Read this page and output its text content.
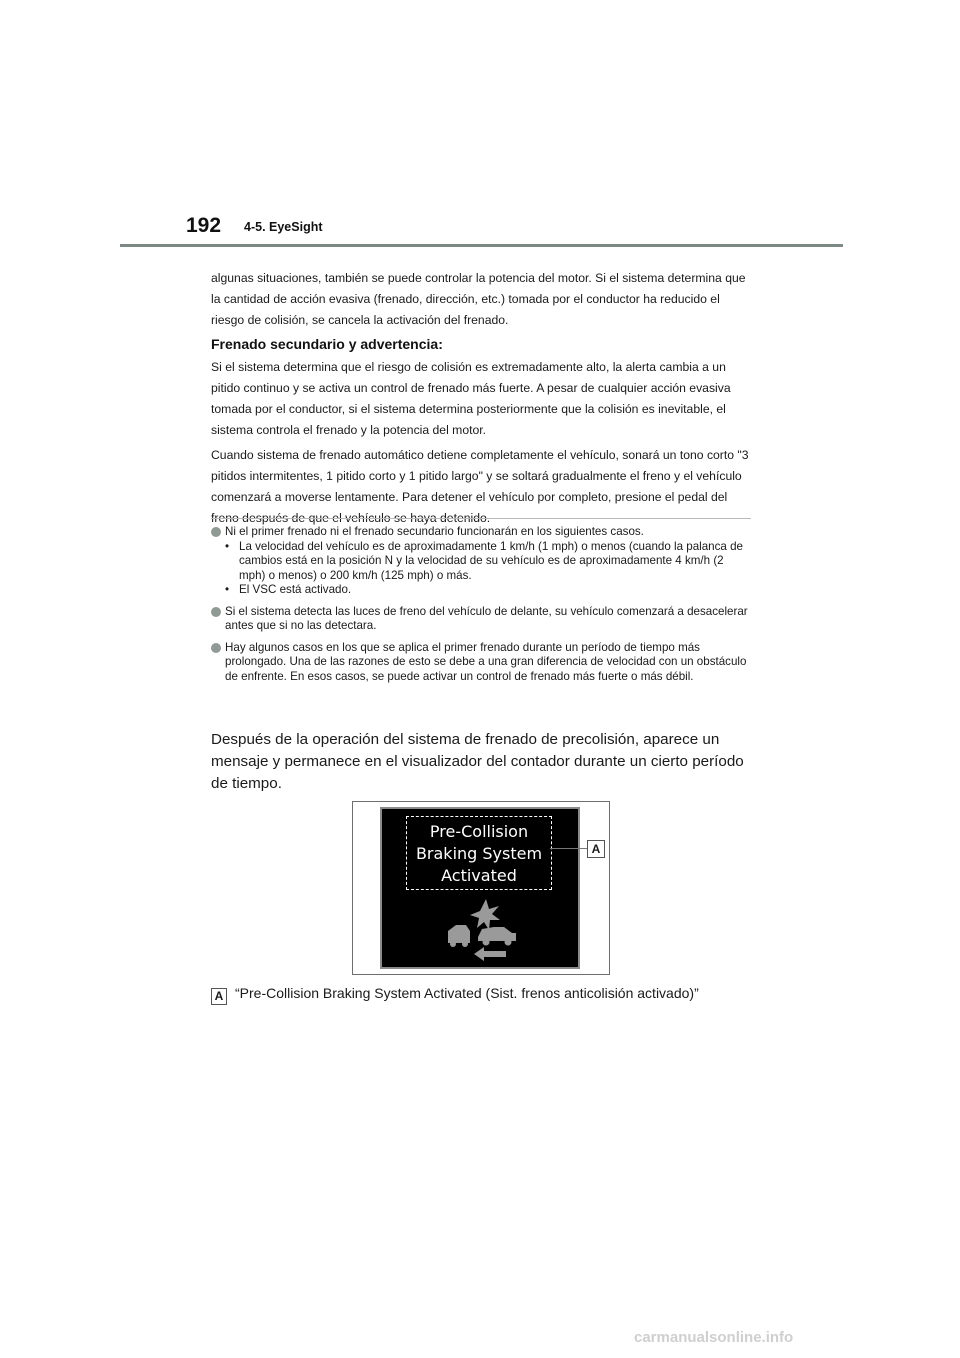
192 4-5. EyeSight

algunas situaciones, también se puede controlar la potencia del motor. Si el sistema determina que la cantidad de acción evasiva (frenado, dirección, etc.) tomada por el conductor ha reducido el riesgo de colisión, se cancela la activación del frenado.

Frenado secundario y advertencia:

Si el sistema determina que el riesgo de colisión es extremadamente alto, la alerta cambia a un pitido continuo y se activa un control de frenado más fuerte. A pesar de cualquier acción evasiva tomada por el conductor, si el sistema determina posteriormente que la colisión es inevitable, el sistema controla el frenado y la potencia del motor.

Cuando sistema de frenado automático detiene completamente el vehículo, sonará un tono corto "3 pitidos intermitentes, 1 pitido corto y 1 pitido largo" y se soltará gradualmente el freno y el vehículo comenzará a moverse lentamente. Para detener el vehículo por completo, presione el pedal del freno después de que el vehículo se haya detenido.

Ni el primer frenado ni el frenado secundario funcionarán en los siguientes casos.
• La velocidad del vehículo es de aproximadamente 1 km/h (1 mph) o menos (cuando la palanca de cambios está en la posición N y la velocidad de su vehículo es de aproximadamente 4 km/h (2 mph) o menos) o 200 km/h (125 mph) o más.
• El VSC está activado.
Si el sistema detecta las luces de freno del vehículo de delante, su vehículo comenzará a desacelerar antes que si no las detectara.
Hay algunos casos en los que se aplica el primer frenado durante un período de tiempo más prolongado. Una de las razones de esto se debe a una gran diferencia de velocidad con un obstáculo de enfrente. En esos casos, se puede activar un control de frenado más fuerte o más débil.
Después de la operación del sistema de frenado de precolisión, aparece un mensaje y permanece en el visualizador del contador durante un cierto período de tiempo.
Pre-Collision
Braking System
Activated
A
A “Pre-Collision Braking System Activated (Sist. frenos anticolisión activado)”
carmanualsonline.info
